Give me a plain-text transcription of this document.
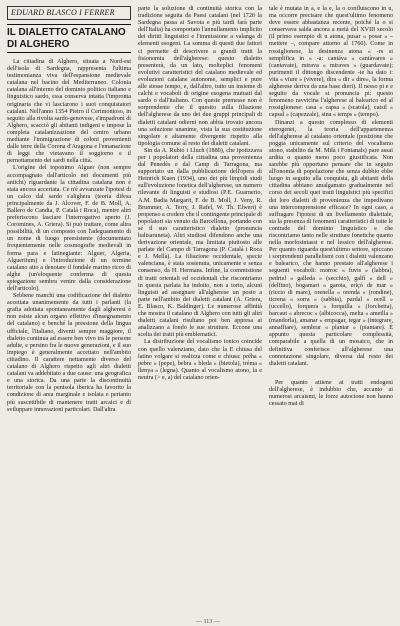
EDUARD BLASCO I FERRER
IL DIALETTO CATALANO
DI ALGHERO

La cittadina di Alghero, situata a Nord-est dell'isola di Sardegna, rappresenta l'ultima testimonianza viva dell'espansione medievale catalana nel bacino del Mediterraneo. Colonia catalana all'interno del dominio politico italiano e linguistico sardo, essa conserva intatta l'impronta originaria che vi lasciarono i suoi conquistatori catalani. Nell'anno 1354 Pietro il Cerimonioso, in seguito alla rivolta sardo-genovese, s'impadronì di Alghero, scacciò gli abitanti indigeni e impose la completa catalanizzazione del centro urbano mediante l'immigrazione di coloni provenienti dalle terre della Corona d'Aragona e l'emanazione di leggi che vietavano il soggiorno e il pernottamento dei sardi nella città.

L'origine del toponimo Alguer (non sempre accompagnato dall'articolo nei documenti più antichi) riguardante la cittadina catalana non è stata ancora accertata. Ce n'è avvanzate l'ipotesi di un calco dal sardo s'alighera (teoria difesa principalmente da J. Alcover, F. de B. Moll, A. Ballero de Candia, P. Catalá i Roca), mentre altri preferiscono lasciare l'interrogativo aperto (J. Coromines, A. Griera). Si può trattare, come altra possibilità, di un composto con l'adeguamento di un nome di luogo preesistente (documentato frequentemente nelle cosmografie medievali in forma para e latinegiante: Alguer, Algeria, Algueritum) e l'introduzione di un termine catalano atto a denotare il fondale marino ricco di alghe (un'eloquente conferma di questa spiegazione sembra venire dalla considerazione dell'articolo).

Sebbene manchi una codificazione del dialetto accettata unanimemente da tutti i parlanti (la grafia adottata spontaneamente dagli algheresi è non esiste alcun organo effettivo d'insegnamento del catalano) e benché la pressione della lingua ufficiale, l'italiano, diventi sempre maggiore, il dialetto continua ad essere ben vivo tra le persone adulte, e persino fra le nuove generazioni, e il suo impiego è generalmente accettato nell'ambito cittadino. Il carattere nettamente diverso del catalano di Alghero rispetto agli altri dialetti catalani va addebitato a due cause: una geografica e una storica. Da una parte la discontinuità territoriale con la penisola iberica ha favorito la condizione di area marginale e isolata e pertanto più suscettibile di mantenere tratti arcaici e di sviluppare innovazioni particolari. Dall'altra

parte la soluzione di continuità storica con la tradizione seguita da Paesi catalani (nel 1720 la Sardegna passa ai Savoia e più tardi farà parte dell'Italia) ha comportato l'annullamento implicito dei diritti linguistici e l'immissione a valanga di elementi esogeni. La somma di questi due fattori ci permette di descrivere a grandi tratti la fisionomia dell'algherese: questo dialetto presenterà, da un lato, molteplici fenomeni evolutivi caratteristici del catalano medievale ed evoluzioni catalane autonome, semplici e pure alle stesse tempo, e, dall'altro, tutto un insieme di calchi e vocaboli di origine esogena mutuati dal sardo o dall'italiano. Con queste premesse non è sorprendente che il quesito sulla filiazione dell'algherese da uno dei due gruppi principali di dialetti catalani odierni non abbia trovato ancora una soluzione unanime, vista la sua costituzione singolare e altamente divergente rispetto alla tipologia comune al resto dei dialetti catalani.

Sin da A. Rubió i Lluch (1880), che ipotizzava per i popolatori della cittadina una provenienza dal Penedès e dal Camp di Tarragona, ma supportato un dalla pubblicazione dell'opera di Heinrich Kuen (1934), uno dei più limpidi studi sull'evoluzione fonetica dell'algherese, un numero rilevante di linguisti e studiosi (P.E. Guarnerio, A.M. Badia Margarit, F. de B. Moll, J. Veny, R. Brummer, A. Terry, J. Rafel, W. Th. Elwert) è propenso a credere che il contingente principale di popolatori sia venuto da Barcellona, portando con sé il suo caratteristico dialetto (pronuncia baltsaruneta). Altri studiosi difendono anche una derivazione orientale, ma limitata piuttosto alle parlate del Campo di Tarragona (P. Catalá i Roca e J. Mellà). La filiazione occidentale, specie valenciana, è stata sostenuta, unicamente e senza consenso, da H. Hermans. Infine, la commistione di tratti orientali ed occidentali che riscontriamo in questa parlata ha indotto, non a torto, alcuni linguisti ad assegnare all'algherese un posto a parte nell'ambito dei dialetti catalani (A. Griera, E. Blasco, K. Baldinger). Le numerose affinità che mostra il catalano di Alghero con tutti gli altri dialetti catalani risultano poi ben appresa ai analizzano a fondo le sue strutture. Eccone una scelta dei tratti più emblematici.

La distribuzione del vocalismo tonico coincide con quello valenziano, dato che la E chiusa del latino volgare si realizza come e chiusa: préha « pebre » (pepe), bebra « bleda » (bietola), tréma « llenya » (legna). Quanto al vocalismo atono, la e neutra (> e, a) del catalano orien-

tale è mutata in a, e la e, la o confluiscono in u, ma occorre precisare che quest'ultimo fenomeno deve essere abbastanza recente, poiché la o si conservava salda ancora a metà del XVIII secolo (il primo esempio di u atona, pusar « posar » – mettere –, compare attorno al 1760). Come in rossiglionese, la desinenza atona « -rs si semplifica in « -a: cantáva « cantàvares » (cantavate), mirava « miraves » (guardavate); purimenti il dittongo discendente -ie ha dato i: vita « viure » (vivere), dira « dir « dire», la forma algherese deriva da una base dieri). Il nesso pi e e seguito da vocale si pronuncia pi: questo fenomeno ravvicina l'algherese al balearico ed al rossiglionese: casa « capsa » (scatola), catsil « capsal » (capezzale), sina « temps » (tempo).

Dinanzi a questo complesso di elementi eterogenei, la teoria dell'appartenenza dell'algherese al catalano orientale (posizione che poggia unicamente sul criterio del vocalismo atono, stabilito da M. Milà i Fontanals) pare assai ardita o quanto meno poco giustificata. Non sarebbe più opportuno pensare che in seguito all'onomia di popolazione che senza dubbio ebbe luogo in seguito alla conquista, gli abitanti della cittadina abbiano amalgamato gradualmente nel corso dei secoli quei tratti linguistici più specifici dei loro dialetti di provenienza che impedivano una intercomprensione efficace? In ogni caso, a suffragare l'ipotesi di un livellamento dialettale, sta la presenza di fenomeni caratteristici di tutte le contrade del dominio linguistico e che riscontriamo tanto nelle strutture fonetiche quanto nella morfosintassi e nel lessico dell'algherese. Per quanto riguarda quest'ultimo settore, spiccano i sorprendenti parallelismi con i dialetti valenzano e balearico, che hanno prestato all'algherese i seguenti vocaboli: morroc « fuvis » (labbra), pedriel « galleda » (secchio), galfí « dell » (delfino), bogamari « garota, eriçó de mar » (riccio di mare), orenella « orenda » (rondine), ticrena « sorra » (sabbia), pardal « ocell » (uccello), forquera « forquilla » (forchetta), barcaut « abrecoc » (albicocca), melta « ametlla » (mandorla), amanar « empagar, tegar » (integrare, annaffiare), sembrar « plantar » (piantare). È appunto questa particolare complessità, comparabile a quella di un mosaico, che in definitiva conferisce all'algherese una connotazione singolare, diversa dal resto dei dialetti catalani.

Per quanto attiene ai tratti endogeni dell'algherese, è indubbio che, accanto ai numerosi arcaismi, le forze autoctone non hanno cessato mai di

— 113 —
